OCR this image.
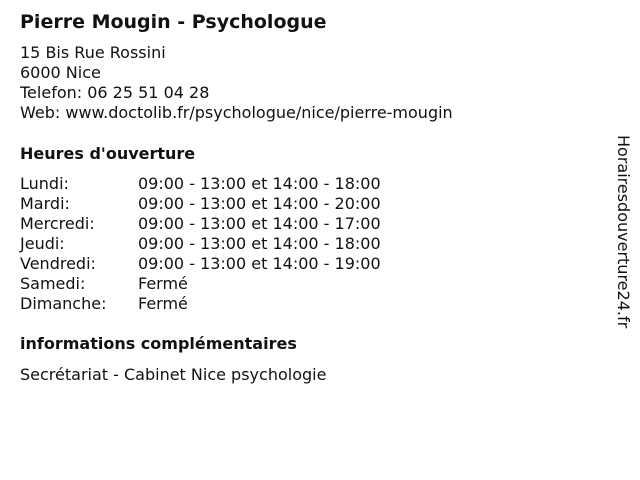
Pierre Mougin - Psychologue
15 Bis Rue Rossini
6000 Nice
Telefon: 06 25 51 04 28
Web: www.doctolib.fr/psychologue/nice/pierre-mougin
Heures d'ouverture
Lundi:	09:00 - 13:00 et 14:00 - 18:00
Mardi:	09:00 - 13:00 et 14:00 - 20:00
Mercredi:	09:00 - 13:00 et 14:00 - 17:00
Jeudi:	09:00 - 13:00 et 14:00 - 18:00
Vendredi:	09:00 - 13:00 et 14:00 - 19:00
Samedi:	Fermé
Dimanche: Fermé
informations complémentaires
Secrétariat - Cabinet Nice psychologie
Horairesdouverture24.fr
